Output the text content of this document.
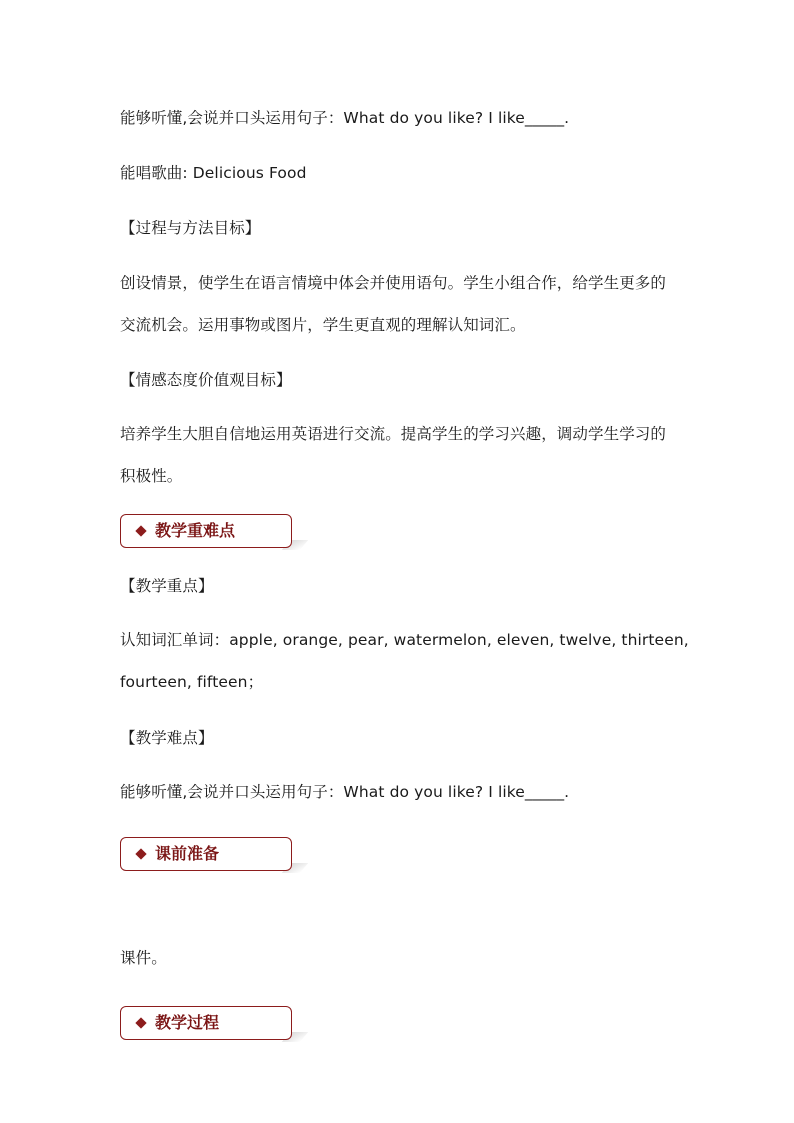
能够听懂,会说并口头运用句子：What do you like? I like_____.

能唱歌曲: Delicious Food

【过程与方法目标】

创设情景，使学生在语言情境中体会并使用语句。学生小组合作，给学生更多的

交流机会。运用事物或图片，学生更直观的理解认知词汇。

【情感态度价值观目标】

培养学生大胆自信地运用英语进行交流。提高学生的学习兴趣，调动学生学习的

积极性。

教学重难点

【教学重点】

认知词汇单词：apple, orange, pear, watermelon, eleven, twelve, thirteen,

fourteen, fifteen；

【教学难点】

能够听懂,会说并口头运用句子：What do you like? I like_____.

课前准备

课件。

教学过程
